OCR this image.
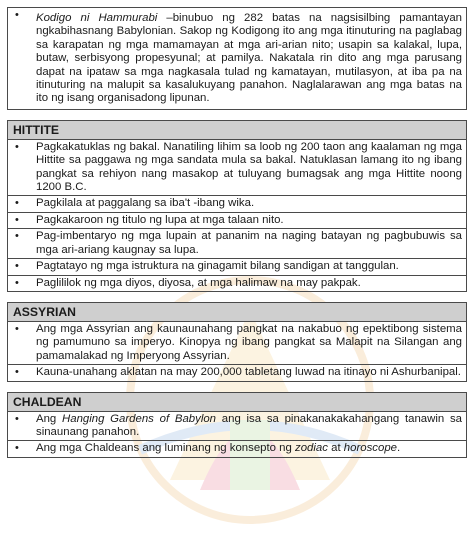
• Kodigo ni Hammurabi –binubuo ng 282 batas na nagsisilbing pamantayan ngkabihasnang Babylonian. Sakop ng Kodigong ito ang mga itinuturing na paglabag sa karapatan ng mga mamamayan at mga ari-arian nito; usapin sa kalakal, lupa, butaw, serbisyong propesyunal; at pamilya. Nakatala rin dito ang mga parusang dapat na ipataw sa mga nagkasala tulad ng kamatayan, mutilasyon, at iba pa na itinuturing na malupit sa kasalukuyang panahon. Naglalarawan ang mga batas na ito ng isang organisadong lipunan.
HITTITE
• Pagkakatuklas ng bakal. Nanatiling lihim sa loob ng 200 taon ang kaalaman ng mga Hittite sa paggawa ng mga sandata mula sa bakal. Natuklasan lamang ito ng ibang pangkat sa rehiyon nang masakop at tuluyang bumagsak ang mga Hittite noong 1200 B.C.
• Pagkilala at paggalang sa iba't -ibang wika.
• Pagkakaroon ng titulo ng lupa at mga talaan nito.
• Pag-imbentaryo ng mga lupain at pananim na naging batayan ng pagbubuwis sa mga ari-ariang kaugnay sa lupa.
• Pagtatayo ng mga istruktura na ginagamit bilang sandigan at tanggulan.
• Paglililok ng mga diyos, diyosa, at mga halimaw na may pakpak.
ASSYRIAN
• Ang mga Assyrian ang kaunaunahang pangkat na nakabuo ng epektibong sistema ng pamumuno sa imperyo. Kinopya ng ibang pangkat sa Malapit na Silangan ang pamamalakad ng Imperyong Assyrian.
• Kauna-unahang aklatan na may 200,000 tabletang luwad na itinayo ni Ashurbanipal.
CHALDEAN
• Ang Hanging Gardens of Babylon ang isa sa pinakanakakahangang tanawin sa sinaunang panahon.
• Ang mga Chaldeans ang luminang ng konsepto ng zodiac at horoscope.
